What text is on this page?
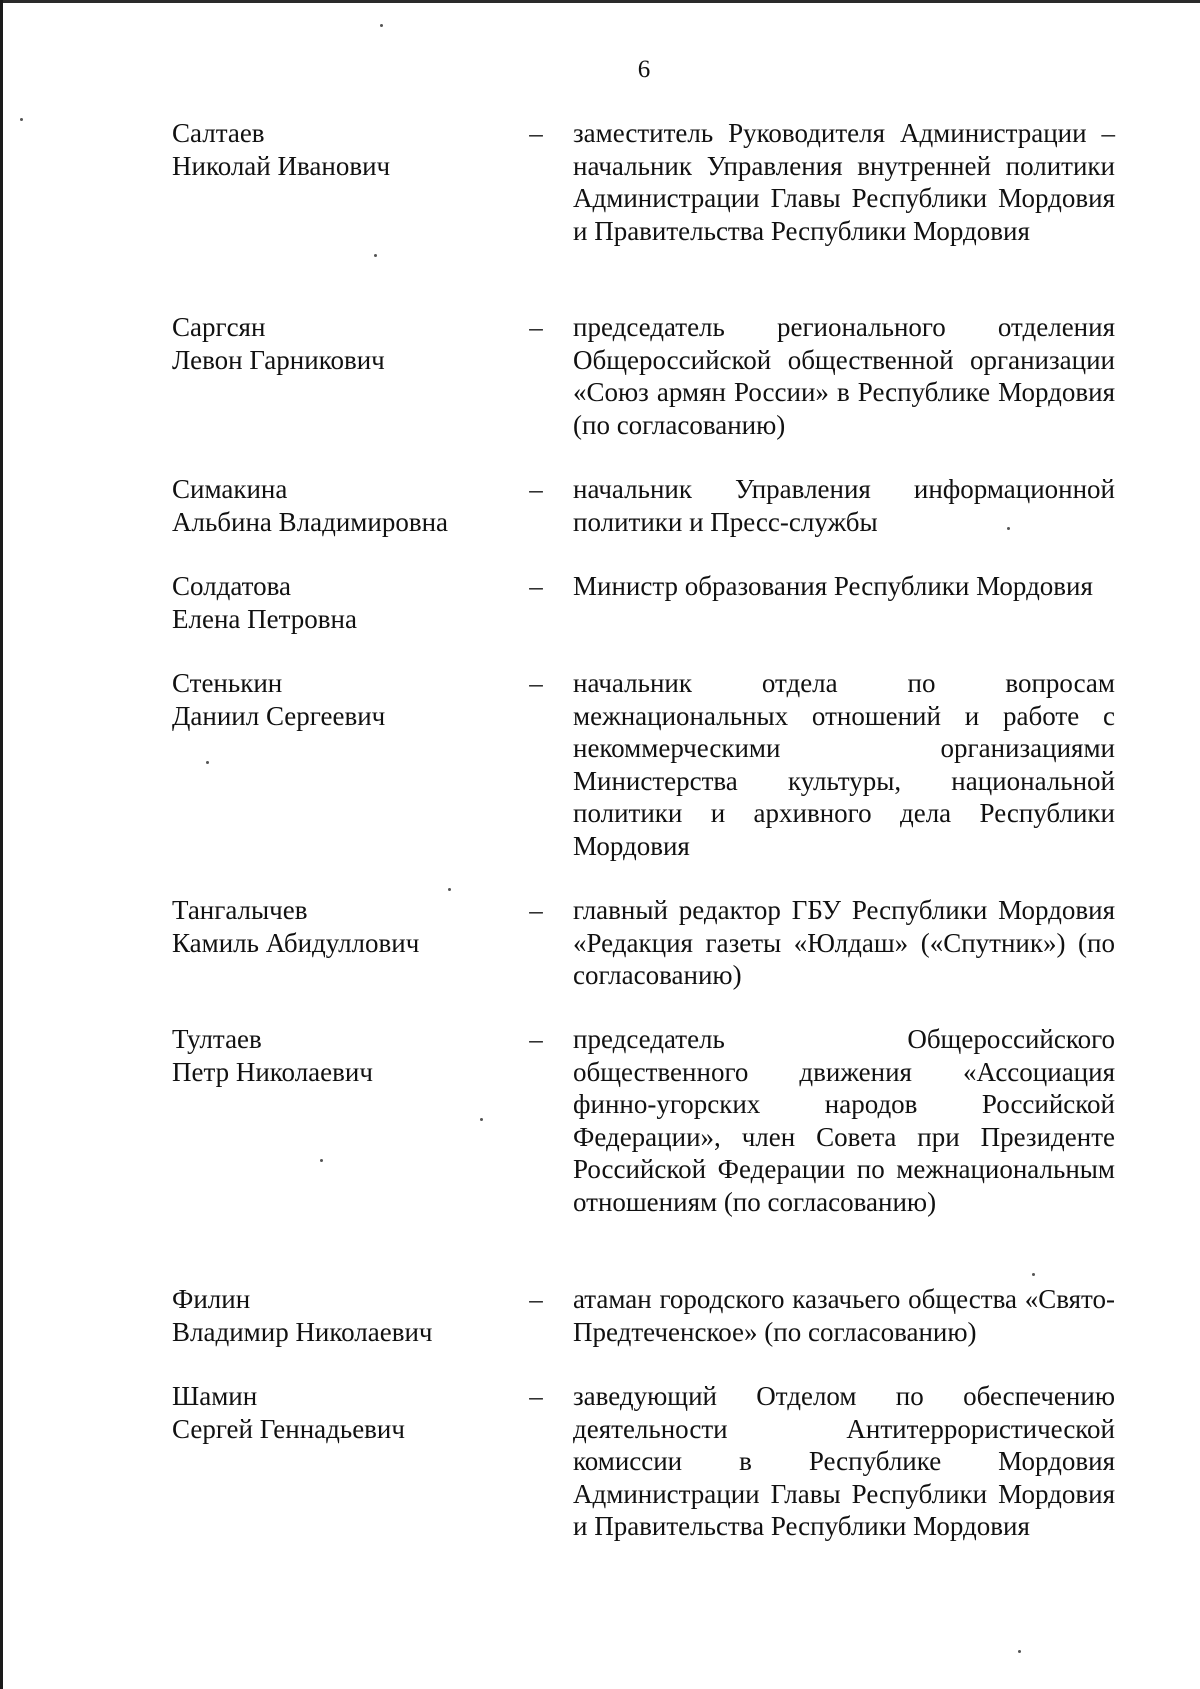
6
Салтаев
Николай Иванович
– заместитель Руководителя Администрации – начальник Управления внутренней политики Администрации Главы Республики Мордовия и Правительства Республики Мордовия
Саргсян
Левон Гарникович
– председатель регионального отделения Общероссийской общественной организации «Союз армян России» в Республике Мордовия (по согласованию)
Симакина
Альбина Владимировна
– начальник Управления информационной политики и Пресс-службы
Солдатова
Елена Петровна
– Министр образования Республики Мордовия
Стенькин
Даниил Сергеевич
– начальник отдела по вопросам межнациональных отношений и работе с некоммерческими организациями Министерства культуры, национальной политики и архивного дела Республики Мордовия
Тангалычев
Камиль Абидуллович
– главный редактор ГБУ Республики Мордовия «Редакция газеты «Юлдаш» («Спутник») (по согласованию)
Тултаев
Петр Николаевич
– председатель Общероссийского общественного движения «Ассоциация финно-угорских народов Российской Федерации», член Совета при Президенте Российской Федерации по межнациональным отношениям (по согласованию)
Филин
Владимир Николаевич
– атаман городского казачьего общества «Свято-Предтеченское» (по согласованию)
Шамин
Сергей Геннадьевич
– заведующий Отделом по обеспечению деятельности Антитеррористической комиссии в Республике Мордовия Администрации Главы Республики Мордовия и Правительства Республики Мордовия
